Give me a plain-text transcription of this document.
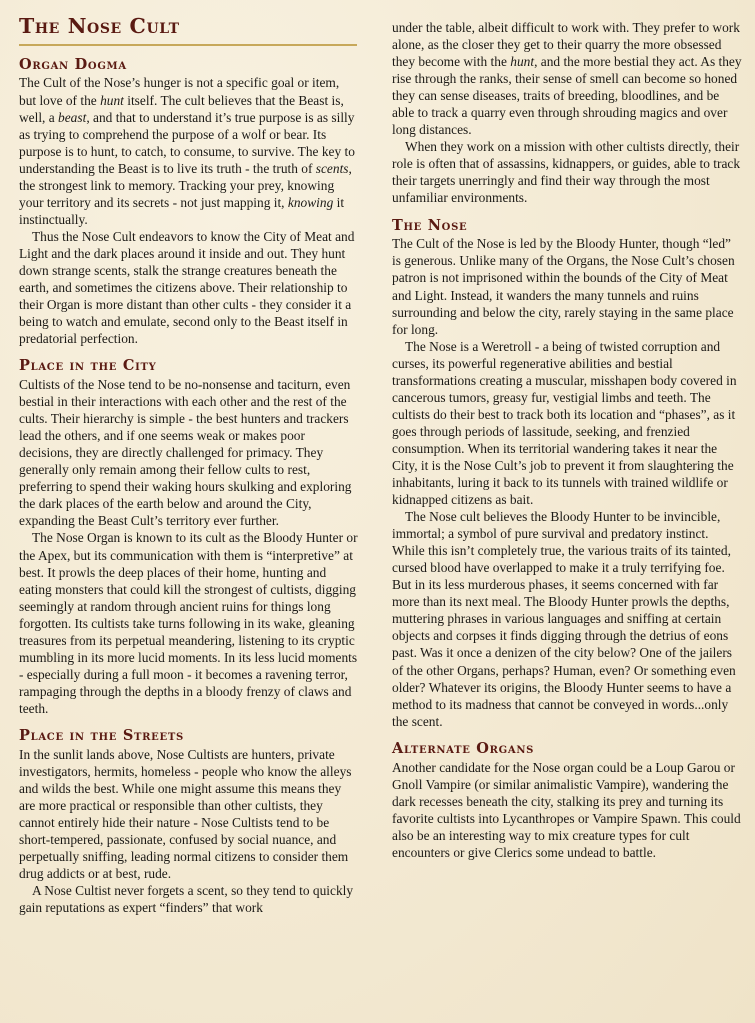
The Nose Cult
Organ Dogma

The Cult of the Nose’s hunger is not a specific goal or item, but love of the hunt itself. The cult believes that the Beast is, well, a beast, and that to understand it’s true purpose is as silly as trying to comprehend the purpose of a wolf or bear. Its purpose is to hunt, to catch, to consume, to survive. The key to understanding the Beast is to live its truth - the truth of scents, the strongest link to memory. Tracking your prey, knowing your territory and its secrets - not just mapping it, knowing it instinctually.

Thus the Nose Cult endeavors to know the City of Meat and Light and the dark places around it inside and out. They hunt down strange scents, stalk the strange creatures beneath the earth, and sometimes the citizens above. Their relationship to their Organ is more distant than other cults - they consider it a being to watch and emulate, second only to the Beast itself in predatorial perfection.

Place in the City

Cultists of the Nose tend to be no-nonsense and taciturn, even bestial in their interactions with each other and the rest of the cults. Their hierarchy is simple - the best hunters and trackers lead the others, and if one seems weak or makes poor decisions, they are directly challenged for primacy. They generally only remain among their fellow cults to rest, preferring to spend their waking hours skulking and exploring the dark places of the earth below and around the City, expanding the Beast Cult’s territory ever further.

The Nose Organ is known to its cult as the Bloody Hunter or the Apex, but its communication with them is “interpretive” at best. It prowls the deep places of their home, hunting and eating monsters that could kill the strongest of cultists, digging seemingly at random through ancient ruins for things long forgotten. Its cultists take turns following in its wake, gleaning treasures from its perpetual meandering, listening to its cryptic mumbling in its more lucid moments. In its less lucid moments - especially during a full moon - it becomes a ravening terror, rampaging through the depths in a bloody frenzy of claws and teeth.

Place in the Streets

In the sunlit lands above, Nose Cultists are hunters, private investigators, hermits, homeless - people who know the alleys and wilds the best. While one might assume this means they are more practical or responsible than other cultists, they cannot entirely hide their nature - Nose Cultists tend to be short-tempered, passionate, confused by social nuance, and perpetually sniffing, leading normal citizens to consider them drug addicts or at best, rude.

A Nose Cultist never forgets a scent, so they tend to quickly gain reputations as expert “finders” that work

under the table, albeit difficult to work with. They prefer to work alone, as the closer they get to their quarry the more obsessed they become with the hunt, and the more bestial they act. As they rise through the ranks, their sense of smell can become so honed they can sense diseases, traits of breeding, bloodlines, and be able to track a quarry even through shrouding magics and over long distances.

When they work on a mission with other cultists directly, their role is often that of assassins, kidnappers, or guides, able to track their targets unerringly and find their way through the most unfamiliar environments.

The Nose

The Cult of the Nose is led by the Bloody Hunter, though “led” is generous. Unlike many of the Organs, the Nose Cult’s chosen patron is not imprisoned within the bounds of the City of Meat and Light. Instead, it wanders the many tunnels and ruins surrounding and below the city, rarely staying in the same place for long.

The Nose is a Weretroll - a being of twisted corruption and curses, its powerful regenerative abilities and bestial transformations creating a muscular, misshapen body covered in cancerous tumors, greasy fur, vestigial limbs and teeth. The cultists do their best to track both its location and “phases”, as it goes through periods of lassitude, seeking, and frenzied consumption. When its territorial wandering takes it near the City, it is the Nose Cult’s job to prevent it from slaughtering the inhabitants, luring it back to its tunnels with trained wildlife or kidnapped citizens as bait.

The Nose cult believes the Bloody Hunter to be invincible, immortal; a symbol of pure survival and predatory instinct. While this isn’t completely true, the various traits of its tainted, cursed blood have overlapped to make it a truly terrifying foe. But in its less murderous phases, it seems concerned with far more than its next meal. The Bloody Hunter prowls the depths, muttering phrases in various languages and sniffing at certain objects and corpses it finds digging through the detrius of eons past. Was it once a denizen of the city below? One of the jailers of the other Organs, perhaps? Human, even? Or something even older? Whatever its origins, the Bloody Hunter seems to have a method to its madness that cannot be conveyed in words...only the scent.

Alternate Organs

Another candidate for the Nose organ could be a Loup Garou or Gnoll Vampire (or similar animalistic Vampire), wandering the dark recesses beneath the city, stalking its prey and turning its favorite cultists into Lycanthropes or Vampire Spawn. This could also be an interesting way to mix creature types for cult encounters or give Clerics some undead to battle.
